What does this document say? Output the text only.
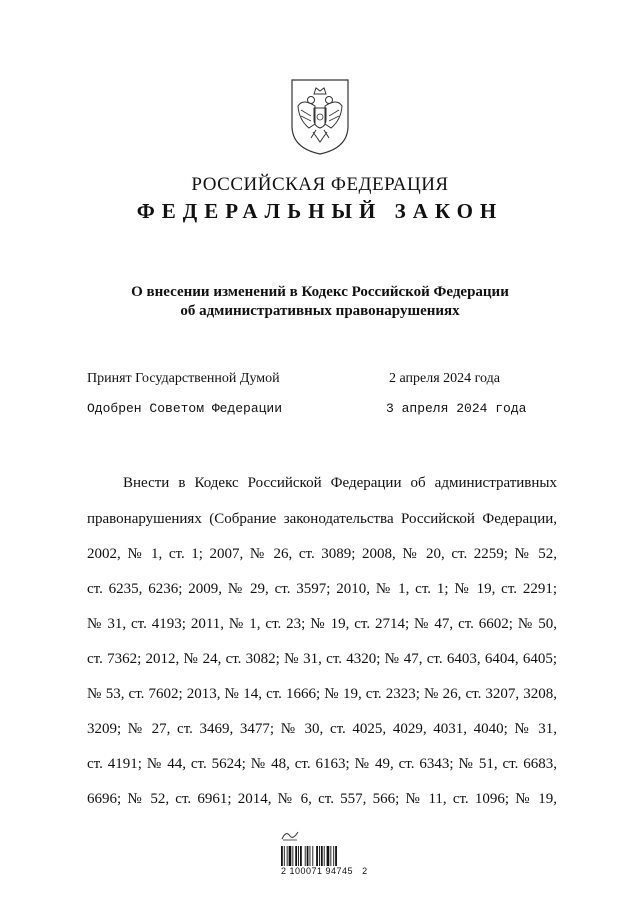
РОССИЙСКАЯ ФЕДЕРАЦИЯ
ФЕДЕРАЛЬНЫЙ ЗАКОН
О внесении изменений в Кодекс Российской Федерации
об административных правонарушениях
Принят Государственной Думой	2 апреля 2024 года
Одобрен Советом Федерации	3 апреля 2024 года
Внести в Кодекс Российской Федерации об административных
правонарушениях (Собрание законодательства Российской Федерации,
2002, № 1, ст. 1; 2007, № 26, ст. 3089; 2008, № 20, ст. 2259; № 52,
ст. 6235, 6236; 2009, № 29, ст. 3597; 2010, № 1, ст. 1; № 19, ст. 2291;
№ 31, ст. 4193; 2011, № 1, ст. 23; № 19, ст. 2714; № 47, ст. 6602; № 50,
ст. 7362; 2012, № 24, ст. 3082; № 31, ст. 4320; № 47, ст. 6403, 6404, 6405;
№ 53, ст. 7602; 2013, № 14, ст. 1666; № 19, ст. 2323; № 26, ст. 3207, 3208,
3209; № 27, ст. 3469, 3477; № 30, ст. 4025, 4029, 4031, 4040; № 31,
ст. 4191; № 44, ст. 5624; № 48, ст. 6163; № 49, ст. 6343; № 51, ст. 6683,
6696; № 52, ст. 6961; 2014, № 6, ст. 557, 566; № 11, ст. 1096; № 19,
2 100071 94745   2
